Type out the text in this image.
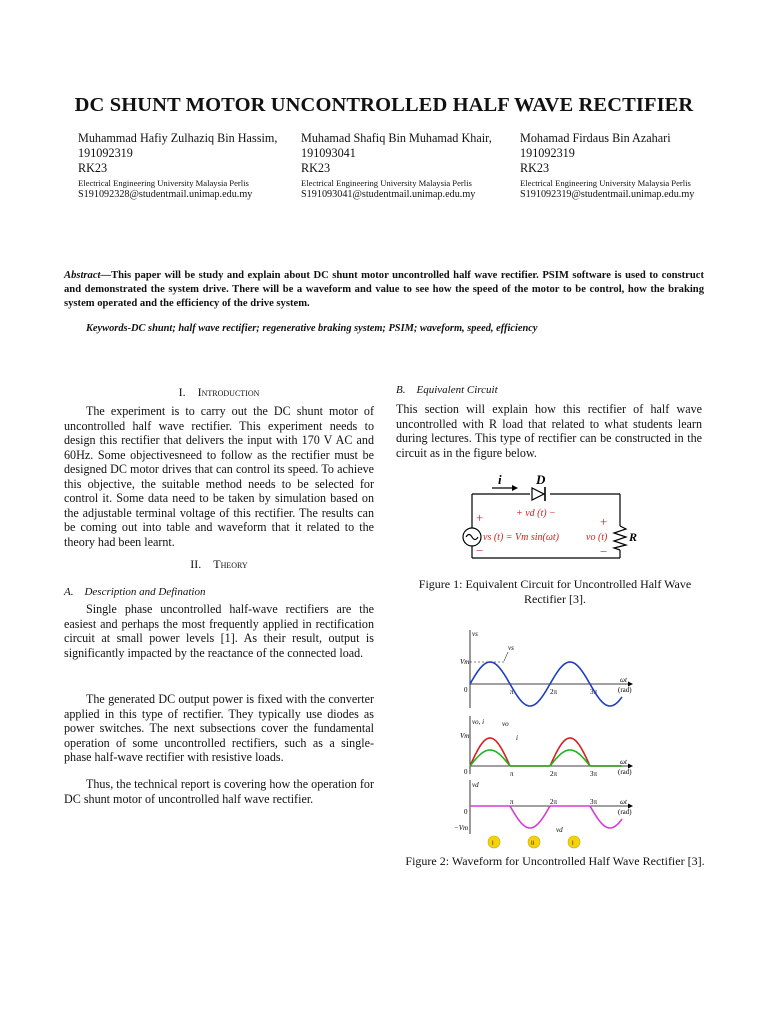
DC SHUNT MOTOR UNCONTROLLED HALF WAVE RECTIFIER
Muhammad Hafiy Zulhaziq Bin Hassim,
191092319
RK23
Electrical Engineering University Malaysia Perlis
S191092328@studentmail.unimap.edu.my
Muhamad Shafiq Bin Muhamad Khair,
191093041
RK23
Electrical Engineering University Malaysia Perlis
S191093041@studentmail.unimap.edu.my
Mohamad Firdaus Bin Azahari
191092319
RK23
Electrical Engineering University Malaysia Perlis
S191092319@studentmail.unimap.edu.my
Abstract—This paper will be study and explain about DC shunt motor uncontrolled half wave rectifier. PSIM software is used to construct and demonstrated the system drive. There will be a waveform and value to see how the speed of the motor to be control, how the braking system operated and the efficiency of the drive system.
Keywords-DC shunt; half wave rectifier; regenerative braking system; PSIM; waveform, speed, efficiency
I. Introduction

The experiment is to carry out the DC shunt motor of uncontrolled half wave rectifier. This experiment needs to design this rectifier that delivers the input with 170 V AC and 60Hz. Some objectivesneed to follow as the rectifier must be designed DC motor drives that can control its speed. To achieve this objective, the suitable method needs to be selected for control it. Some data need to be taken by simulation based on the adjustable terminal voltage of this rectifier. The results can be coming out into table and waveform that it related to the theory had been learnt.

II. Theory
A. Description and Defination

Single phase uncontrolled half-wave rectifiers are the easiest and perhaps the most frequently applied in rectification circuit at small power levels [1]. As their result, output is significantly impacted by the reactance of the connected load.

The generated DC output power is fixed with the converter applied in this type of rectifier. They typically use diodes as power switches. The next subsections cover the fundamental operation of some uncontrolled rectifiers, such as a single-phase half-wave rectifier with resistive loads.

Thus, the technical report is covering how the operation for DC shunt motor of uncontrolled half wave rectifier.

B. Equivalent Circuit

This section will explain how this rectifier of half wave uncontrolled with R load that related to what students learn during lectures. This type of rectifier can be constructed in the circuit as in the figure below.

i	D
+ vd (t) −
+
−
+
−
vs (t) = Vm sin(ωt)	vo (t) R
Figure 1: Equivalent Circuit for Uncontrolled Half Wave Rectifier [3].
vs
Vm
0	π	2π	3π
ωt
(rad)
vs
vo, i
Vm
0	π	2π	3π
ωt
(rad)
vo
i
vd
0
−Vm
π	2π	3π	ωt
(rad)
vd
i	ii	i
Figure 2: Waveform for Uncontrolled Half Wave Rectifier [3].
